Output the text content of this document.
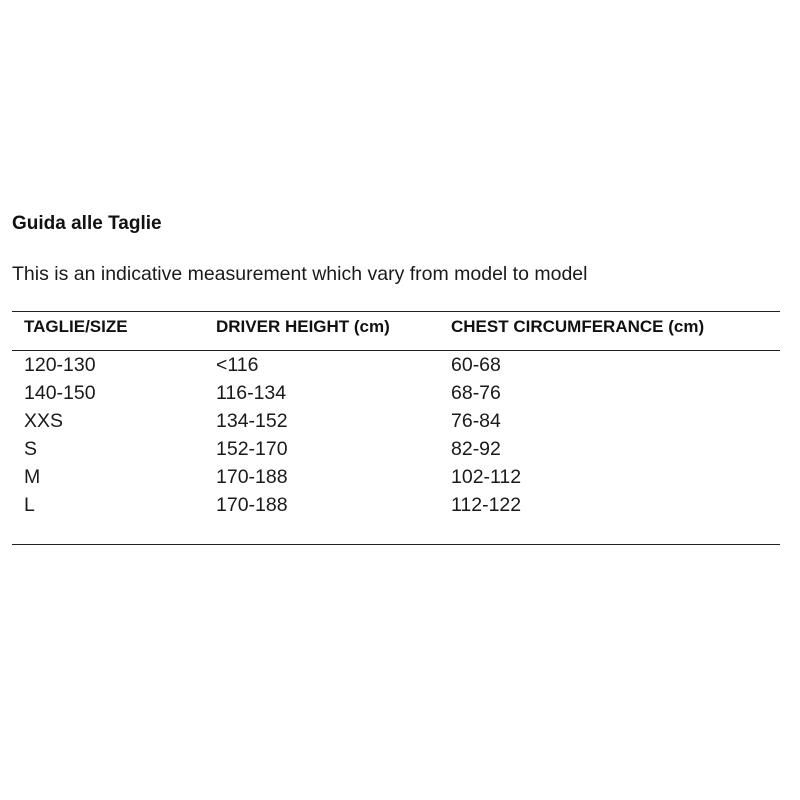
Guida alle Taglie
This is an indicative measurement which vary from model to model
TAGLIE/SIZE	DRIVER HEIGHT (cm)	CHEST CIRCUMFERANCE (cm)
120-130	<116	60-68
140-150	116-134	68-76
XXS	134-152	76-84
S	152-170	82-92
M	170-188	102-112
L	170-188	112-122
